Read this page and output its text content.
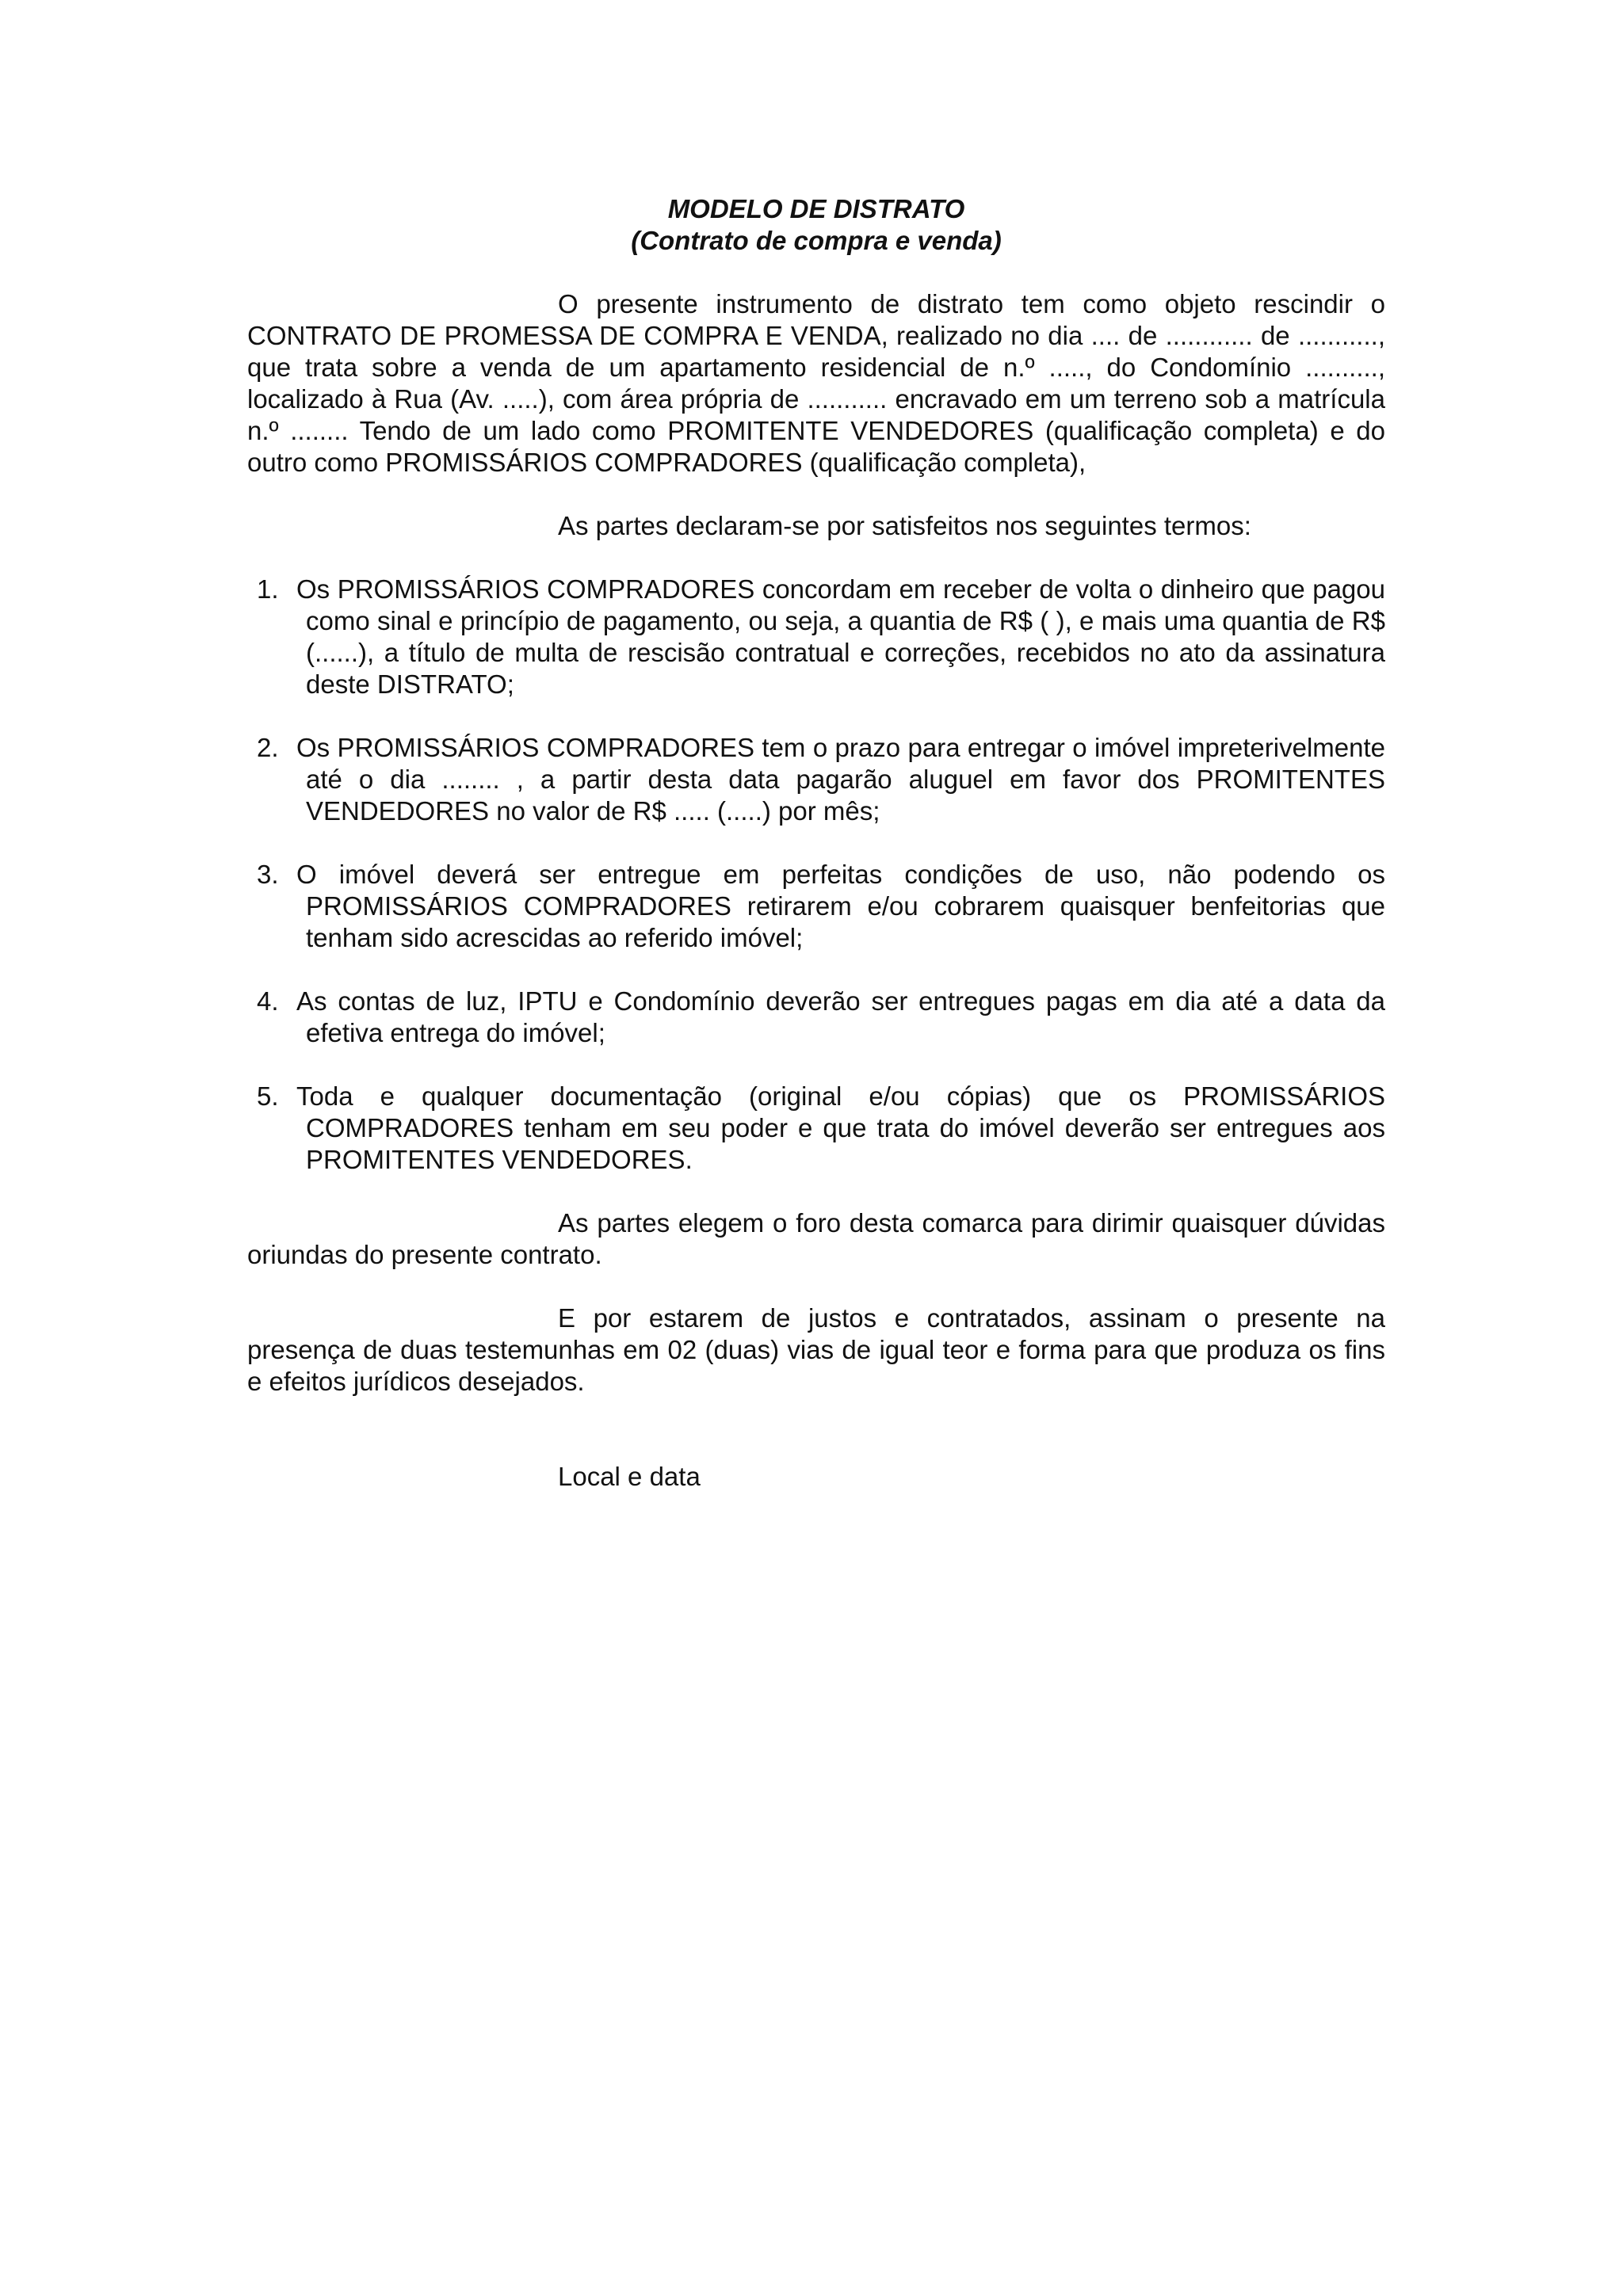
MODELO DE DISTRATO

(Contrato de compra e venda)

O presente instrumento de distrato tem como objeto rescindir o CONTRATO DE PROMESSA DE COMPRA E VENDA, realizado no dia .... de ............ de ..........., que trata sobre a venda de um apartamento residencial de n.º ....., do Condomínio .........., localizado à Rua (Av. .....), com área própria de ........... encravado em um terreno sob a matrícula n.º ........ Tendo de um lado como PROMITENTE VENDEDORES (qualificação completa) e do outro como PROMISSÁRIOS COMPRADORES (qualificação completa),

As partes declaram-se por satisfeitos nos seguintes termos:

1. Os PROMISSÁRIOS COMPRADORES concordam em receber de volta o dinheiro que pagou como sinal e princípio de pagamento, ou seja, a quantia de R$ ( ), e mais uma quantia de R$ (......), a título de multa de rescisão contratual e correções, recebidos no ato da assinatura deste DISTRATO;
2. Os PROMISSÁRIOS COMPRADORES tem o prazo para entregar o imóvel impreterivelmente até o dia ........ , a partir desta data pagarão aluguel em favor dos PROMITENTES VENDEDORES no valor de R$ ..... (.....) por mês;
3. O imóvel deverá ser entregue em perfeitas condições de uso, não podendo os PROMISSÁRIOS COMPRADORES retirarem e/ou cobrarem quaisquer benfeitorias que tenham sido acrescidas ao referido imóvel;
4. As contas de luz, IPTU e Condomínio deverão ser entregues pagas em dia até a data da efetiva entrega do imóvel;
5. Toda e qualquer documentação (original e/ou cópias) que os PROMISSÁRIOS COMPRADORES tenham em seu poder e que trata do imóvel deverão ser entregues aos PROMITENTES VENDEDORES.

As partes elegem o foro desta comarca para dirimir quaisquer dúvidas oriundas do presente contrato.

E por estarem de justos e contratados, assinam o presente na presença de duas testemunhas em 02 (duas) vias de igual teor e forma para que produza os fins e efeitos jurídicos desejados.

Local e data
